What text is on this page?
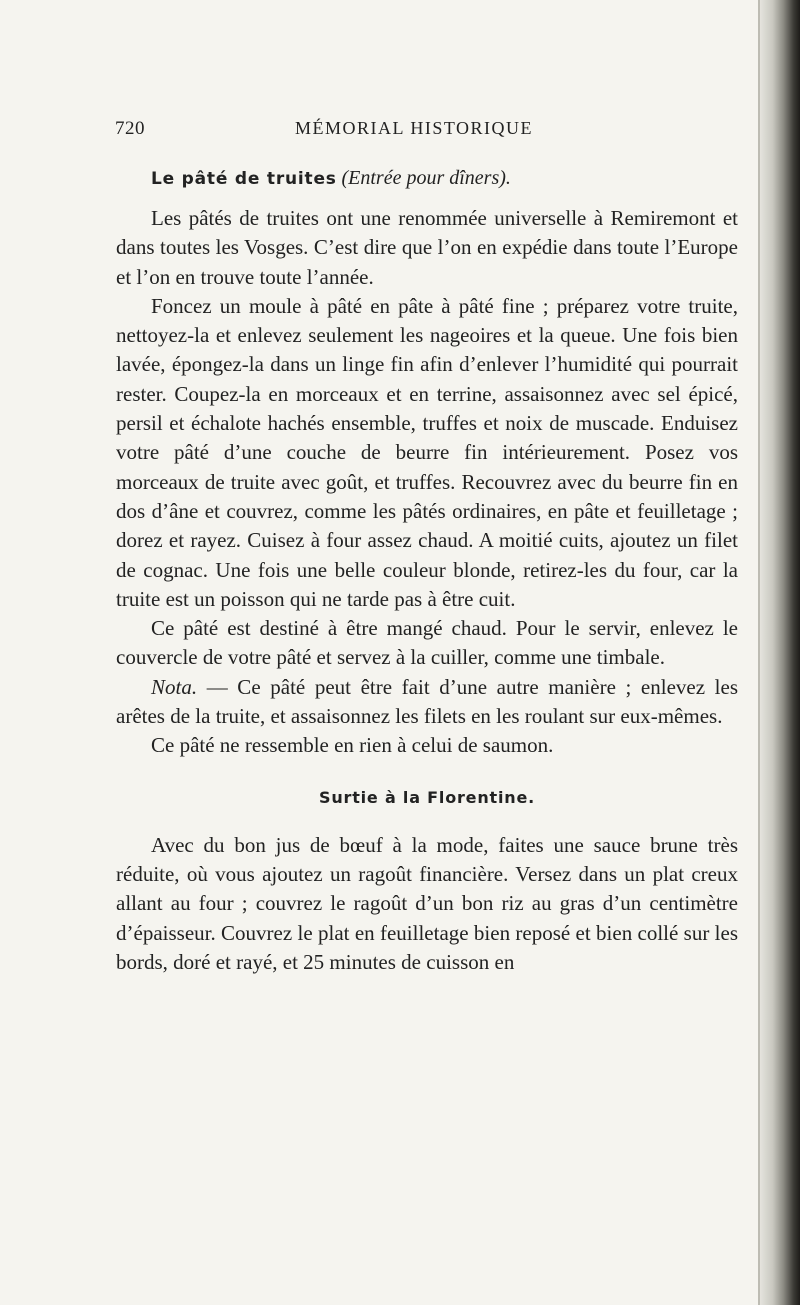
720	MÉMORIAL HISTORIQUE
Le pâté de truites (Entrée pour dîners).

Les pâtés de truites ont une renommée universelle à Remiremont et dans toutes les Vosges. C’est dire que l’on en expédie dans toute l’Europe et l’on en trouve toute l’année.

Foncez un moule à pâté en pâte à pâté fine ; préparez votre truite, nettoyez-la et enlevez seulement les nageoires et la queue. Une fois bien lavée, épongez-la dans un linge fin afin d’enlever l’humidité qui pourrait rester. Coupez-la en morceaux et en terrine, assaisonnez avec sel épicé, persil et échalote hachés ensemble, truffes et noix de muscade. Enduisez votre pâté d’une couche de beurre fin intérieurement. Posez vos morceaux de truite avec goût, et truffes. Recouvrez avec du beurre fin en dos d’âne et couvrez, comme les pâtés ordinaires, en pâte et feuilletage ; dorez et rayez. Cuisez à four assez chaud. A moitié cuits, ajoutez un filet de cognac. Une fois une belle couleur blonde, retirez-les du four, car la truite est un poisson qui ne tarde pas à être cuit.

Ce pâté est destiné à être mangé chaud. Pour le servir, enlevez le couvercle de votre pâté et servez à la cuiller, comme une timbale.

Nota. — Ce pâté peut être fait d’une autre manière ; enlevez les arêtes de la truite, et assaisonnez les filets en les roulant sur eux-mêmes.

Ce pâté ne ressemble en rien à celui de saumon.

Surtie à la Florentine.

Avec du bon jus de bœuf à la mode, faites une sauce brune très réduite, où vous ajoutez un ragoût financière. Versez dans un plat creux allant au four ; couvrez le ragoût d’un bon riz au gras d’un centimètre d’épaisseur. Couvrez le plat en feuilletage bien reposé et bien collé sur les bords, doré et rayé, et 25 minutes de cuisson en
